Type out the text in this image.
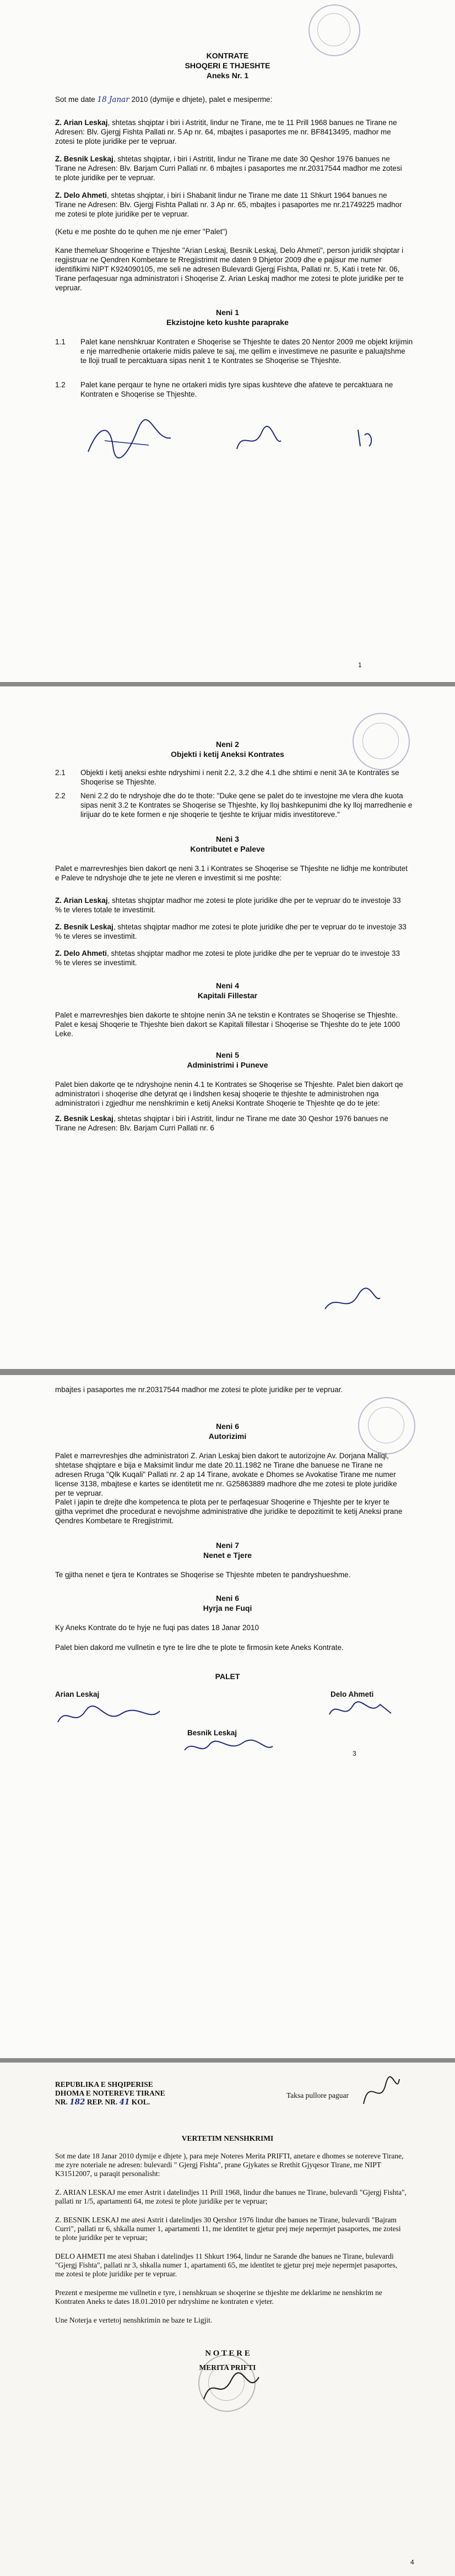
KONTRATE
SHOQERI E THJESHTE
Aneks Nr. 1
Sot me date 18 Janar 2010 (dymije e dhjete), palet e mesiperme:
Z. Arian Leskaj, shtetas shqiptar i biri i Astritit, lindur ne Tirane, me te 11 Prill 1968 banues ne Tirane ne Adresen: Blv. Gjergj Fishta Pallati nr. 5 Ap nr. 64, mbajtes i pasaportes me nr. BF8413495, madhor me zotesi te plote juridike per te vepruar.
Z. Besnik Leskaj, shtetas shqiptar, i biri i Astritit, lindur ne Tirane me date 30 Qeshor 1976 banues ne Tirane ne Adresen: Blv. Barjam Curri Pallati nr. 6 mbajtes i pasaportes me nr.20317544 madhor me zotesi te plote juridike per te vepruar.
Z. Delo Ahmeti, shtetas shqiptar, i biri i Shabanit lindur ne Tirane me date 11 Shkurt 1964 banues ne Tirane ne Adresen: Blv. Gjergj Fishta Pallati nr. 3 Ap nr. 65, mbajtes i pasaportes me nr.21749225 madhor me zotesi te plote juridike per te vepruar.
(Ketu e me poshte do te quhen me nje emer "Palet")
Kane themeluar Shoqerine e Thjeshte "Arian Leskaj, Besnik Leskaj, Delo Ahmeti", person juridik shqiptar i regjistruar ne Qendren Kombetare te Rregjistrimit me daten 9 Dhjetor 2009 dhe e pajisur me numer identifikimi NIPT K924090105, me seli ne adresen Bulevardi Gjergj Fishta, Pallati nr. 5, Kati i trete Nr. 06, Tirane perfaqesuar nga administratori i Shoqerise Z. Arian Leskaj madhor me zotesi te plote juridike per te vepruar.
Neni 1
Ekzistojne keto kushte paraprake
1.1	Palet kane nenshkruar Kontraten e Shoqerise se Thjeshte te dates 20 Nentor 2009 me objekt krijimin e nje marredhenie ortakerie midis paleve te saj, me qellim e investimeve ne pasurite e paluajtshme te lloji truall te percaktuara sipas nenit 1 te Kontrates se Shoqerise se Thjeshte.
1.2	Palet kane perqaur te hyne ne ortakeri midis tyre sipas kushteve dhe afateve te percaktuara ne Kontraten e Shoqerise se Thjeshte.
1
Neni 2
Objekti i ketij Aneksi Kontrates
2.1	Objekti i ketij aneksi eshte ndryshimi i nenit 2.2, 3.2 dhe 4.1 dhe shtimi e nenit 3A te Kontrates se Shoqerise se Thjeshte.
2.2	Neni 2.2 do te ndryshoje dhe do te thote: "Duke qene se palet do te investojne me vlera dhe kuota sipas nenit 3.2 te Kontrates se Shoqerise se Thjeshte, ky lloj bashkepunimi dhe ky lloj marredhenie e lirijuar do te kete formen e nje shoqerie te tjeshte te krijuar midis investitoreve."
Neni 3
Kontributet e Paleve
Palet e marrevreshjes bien dakort qe neni 3.1 i Kontrates se Shoqerise se Thjeshte ne lidhje me kontributet e Paleve te ndryshoje dhe te jete ne vleren e investimit si me poshte:
Z. Arian Leskaj, shtetas shqiptar madhor me zotesi te plote juridike dhe per te vepruar do te investoje 33 % te vleres totale te investimit.
Z. Besnik Leskaj, shtetas shqiptar madhor me zotesi te plote juridike dhe per te vepruar do te investoje 33 % te vleres se investimit.
Z. Delo Ahmeti, shtetas shqiptar madhor me zotesi te plote juridike dhe per te vepruar do te investoje 33 % te vleres se investimit.
Neni 4
Kapitali Fillestar
Palet e marrevreshjes bien dakorte te shtojne nenin 3A ne tekstin e Kontrates se Shoqerise se Thjeshte. Palet e kesaj Shoqerie te Thjeshte bien dakort se Kapitali fillestar i Shoqerise se Thjeshte do te jete 1000 Leke.
Neni 5
Administrimi i Puneve
Palet bien dakorte qe te ndryshojne nenin 4.1 te Kontrates se Shoqerise se Thjeshte. Palet bien dakort qe administratori i shoqerise dhe detyrat qe i lindshen kesaj shoqerie te thjeshte te administrohen nga administratori i zgjedhur me nenshkrimin e ketij Aneksi Kontrate Shoqerie te Thjeshte qe do te jete:
Z. Besnik Leskaj, shtetas shqiptar i biri i Astritit, lindur ne Tirane me date 30 Qeshor 1976 banues ne Tirane ne Adresen: Blv. Barjam Curri Pallati nr. 6
mbajtes i pasaportes me nr.20317544 madhor me zotesi te plote juridike per te vepruar.
Neni 6
Autorizimi
Palet e marrevreshjes dhe administratori Z. Arian Leskaj bien dakort te autorizojne Av. Dorjana Maliqi, shtetase shqiptare e bija e Maksimit lindur me date 20.11.1982 ne Tirane dhe banuese ne Tirane ne adresen Rruga "Qlk Kuqali" Pallati nr. 2 ap 14 Tirane, avokate e Dhomes se Avokatise Tirane me numer license 3138, mbajtese e kartes se identitetit me nr. G25863889 madhore dhe me zotesi te plote juridike per te vepruar.
Palet i japin te drejte dhe kompetenca te plota per te perfaqesuar Shoqerine e Thjeshte per te kryer te gjitha veprimet dhe procedurat e nevojshme administrative dhe juridike te depozitimit te ketij Aneksi prane Qendres Kombetare te Rregjistrimit.
Neni 7
Nenet e Tjere
Te gjitha nenet e tjera te Kontrates se Shoqerise se Thjeshte mbeten te pandryshueshme.
Neni 6
Hyrja ne Fuqi
Ky Aneks Kontrate do te hyje ne fuqi pas dates 18 Janar 2010
Palet bien dakord me vullnetin e tyre te lire dhe te plote te firmosin kete Aneks Kontrate.
PALET
Arian Leskaj	Delo Ahmeti
Besnik Leskaj
3
REPUBLIKA E SHQIPERISE
DHOMA E NOTEREVE TIRANE
NR. 182 REP. NR. 41 KOL.
Taksa pullore paguar
VERTETIM NENSHKRIMI
Sot me date 18 Janar 2010 dymije e dhjete ), para meje Noteres Merita PRIFTI, anetare e dhomes se notereve Tirane, me zyre noteriale ne adresen: bulevardi " Gjergj Fishta", prane Gjykates se Rrethit Gjyqesor Tirane, me NIPT K31512007, u paraqit personalisht:
Z. ARIAN LESKAJ me emer Astrit i datelindjes 11 Prill 1968, lindur dhe banues ne Tirane, bulevardi "Gjergj Fishta", pallati nr 1/5, apartamenti 64, me zotesi te plote juridike per te vepruar;
Z. BESNIK LESKAJ me atesi Astrit i datelindjes 30 Qershor 1976 lindur dhe banues ne Tirane, bulevardi "Bajram Curri", pallati nr 6, shkalla numer 1, apartamenti 11, me identitet te gjetur prej meje nepermjet pasaportes, me zotesi te plote juridike per te vepruar;
DELO AHMETI me atesi Shaban i datelindjes 11 Shkurt 1964, lindur ne Sarande dhe banues ne Tirane, bulevardi "Gjergj Fishta", pallati nr 3, shkalla numer 1, apartamenti 65, me identitet te gjetur prej meje nepermjet pasaportes, me zotesi te plote juridike per te vepruar.
Prezent e mesiperme me vullnetin e tyre, i nenshkruan se shoqerine se thjeshte me deklarime ne nenshkrim ne Kontraten Aneks te dates 18.01.2010 per ndryshime ne kontraten e vjeter.
Une Noterja e vertetoj nenshkrimin ne baze te Ligjit.
N O T E R E
MERITA PRIFTI
4
